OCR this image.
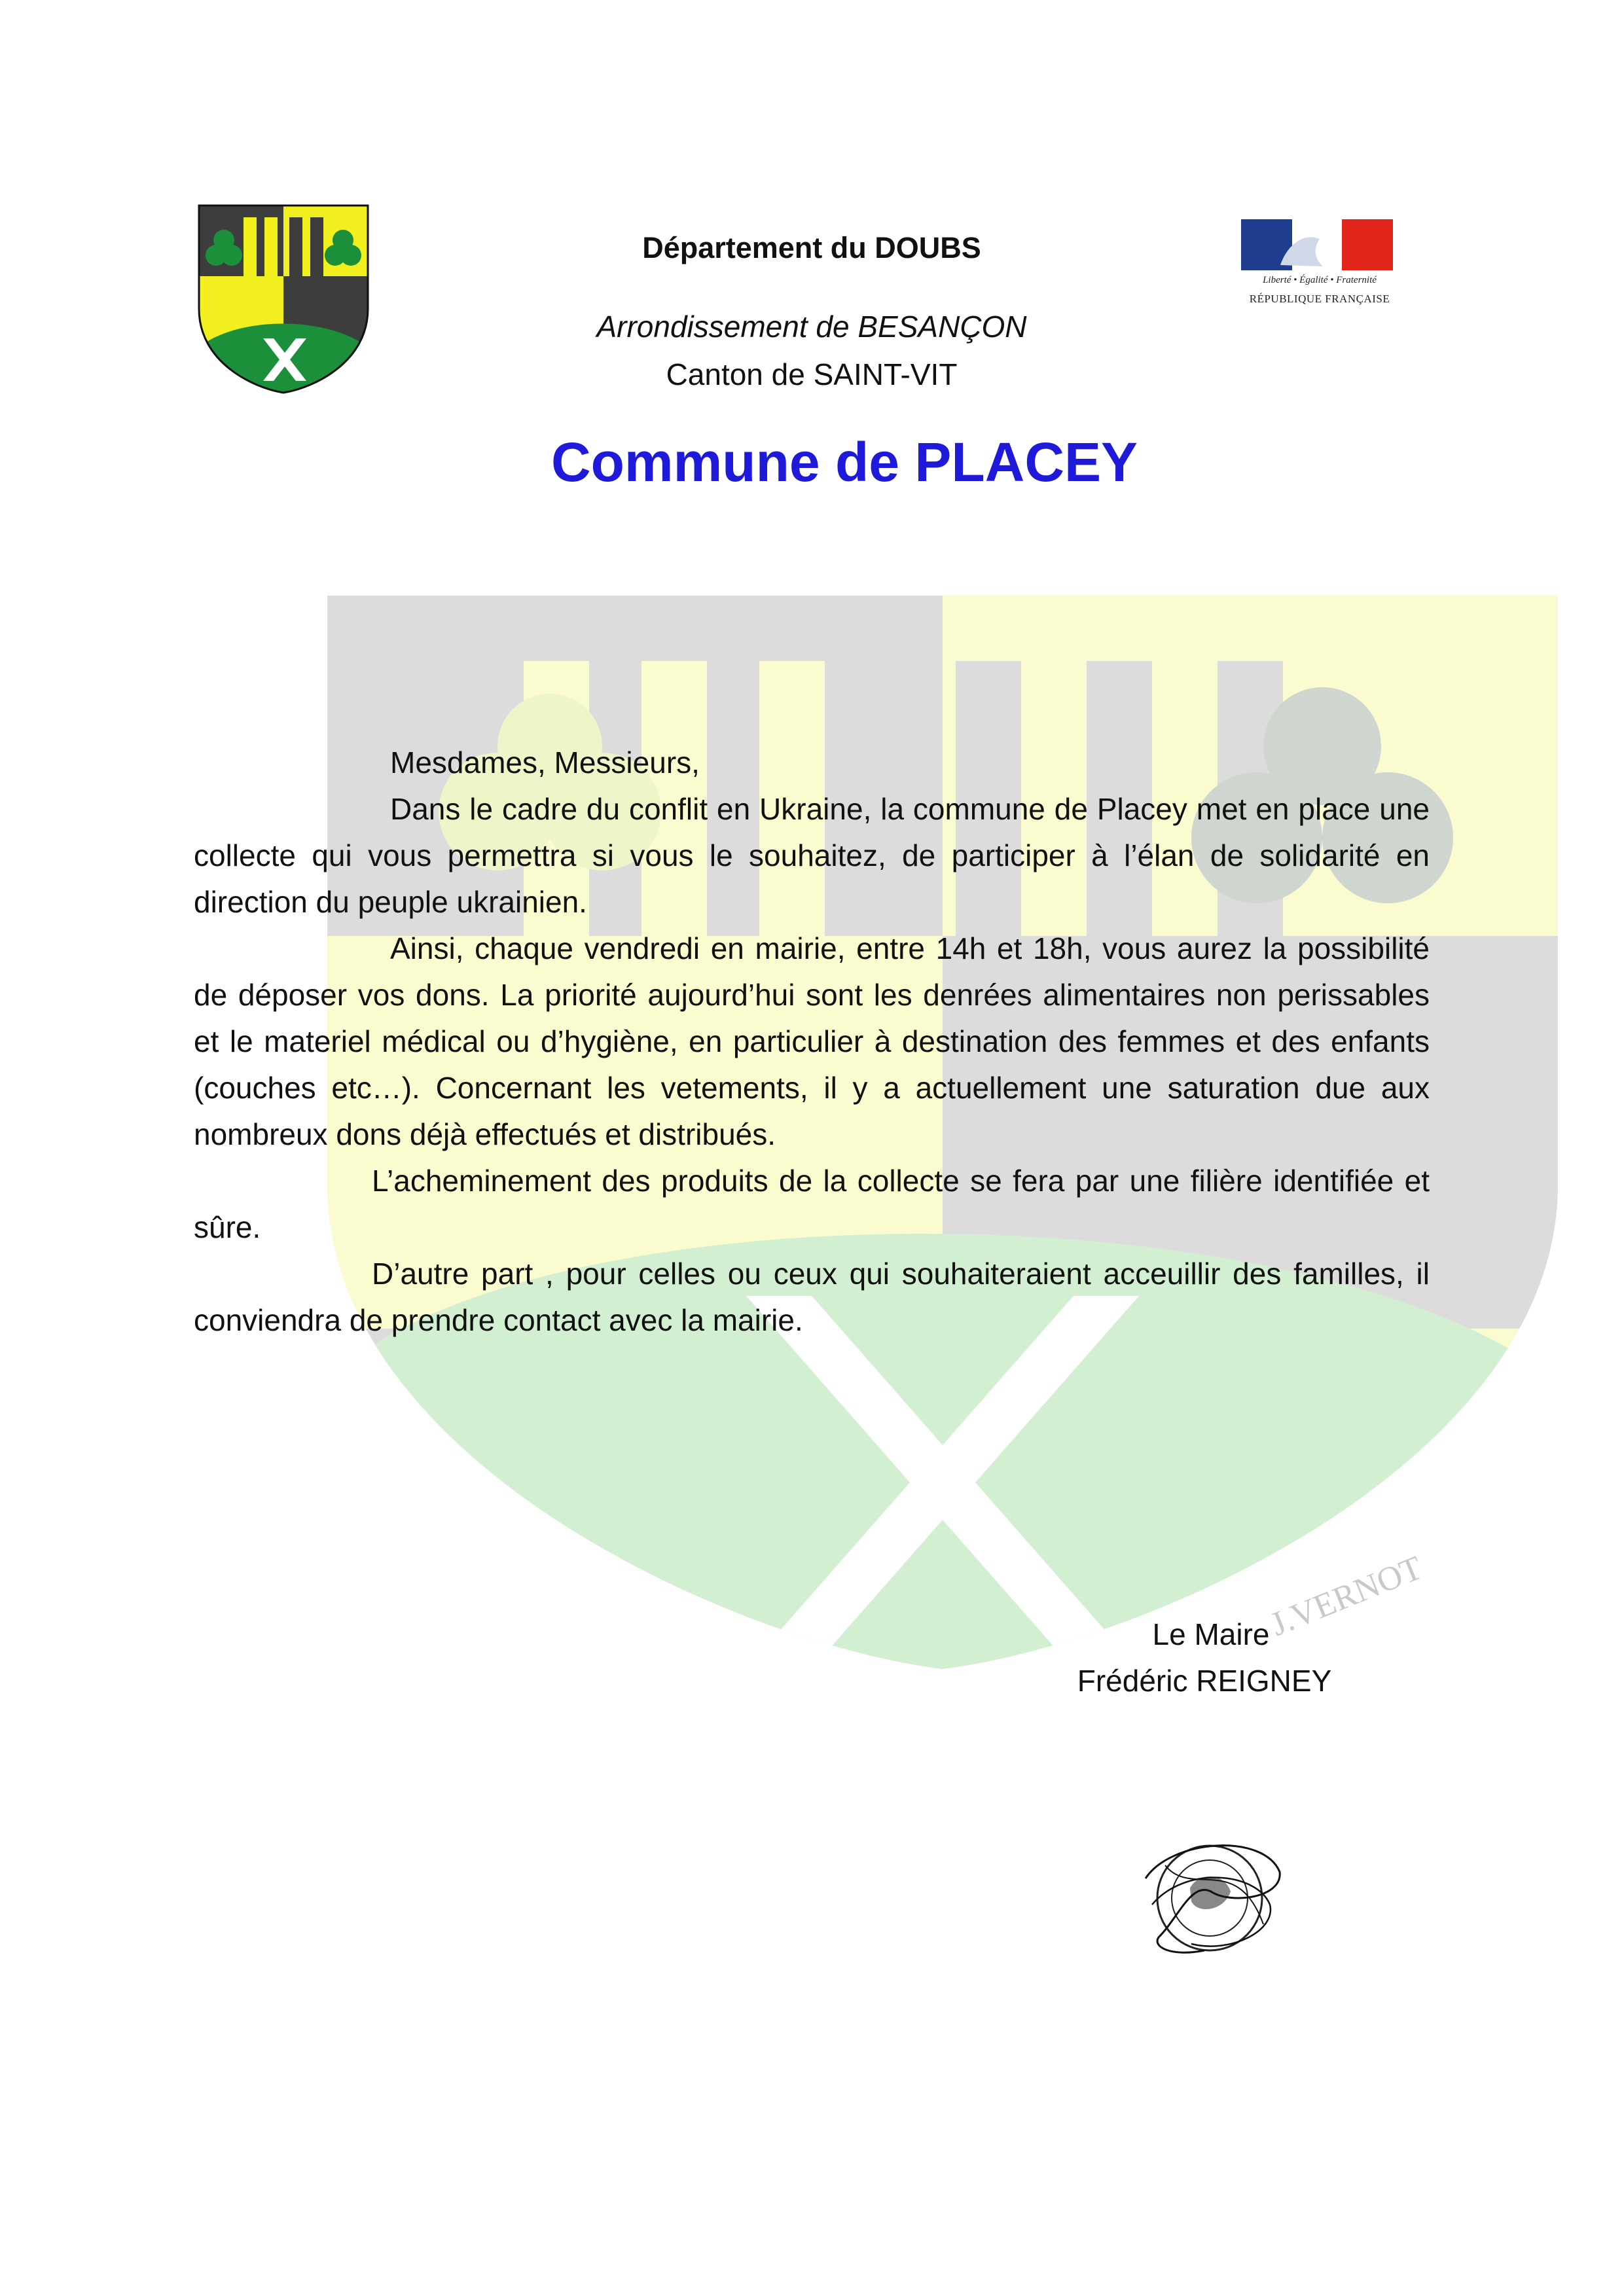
J.VERNOT
Liberté • Égalité • Fraternité
RÉPUBLIQUE FRANÇAISE
Département du DOUBS
Arrondissement de BESANÇON
Canton de SAINT-VIT
Commune de PLACEY

Mesdames, Messieurs,

Dans le cadre du conflit en Ukraine, la commune de Placey met en place une collecte qui vous permettra si vous le souhaitez, de participer à l’élan de solidarité en direction du peuple ukrainien.

Ainsi, chaque vendredi en mairie, entre 14h et 18h, vous aurez la possibilité de déposer vos dons. La priorité aujourd’hui sont les denrées alimentaires non perissables et le materiel médical ou d’hygiène, en particulier à destination des femmes et des enfants (couches etc…). Concernant les vetements, il y a actuellement une saturation due aux nombreux dons déjà effectués et distribués.

L’acheminement des produits de la collecte se fera par une filière identifiée et sûre.

D’autre part , pour celles ou ceux qui souhaiteraient acceuillir des familles, il conviendra de prendre contact avec la mairie.

Le Maire
Frédéric REIGNEY
